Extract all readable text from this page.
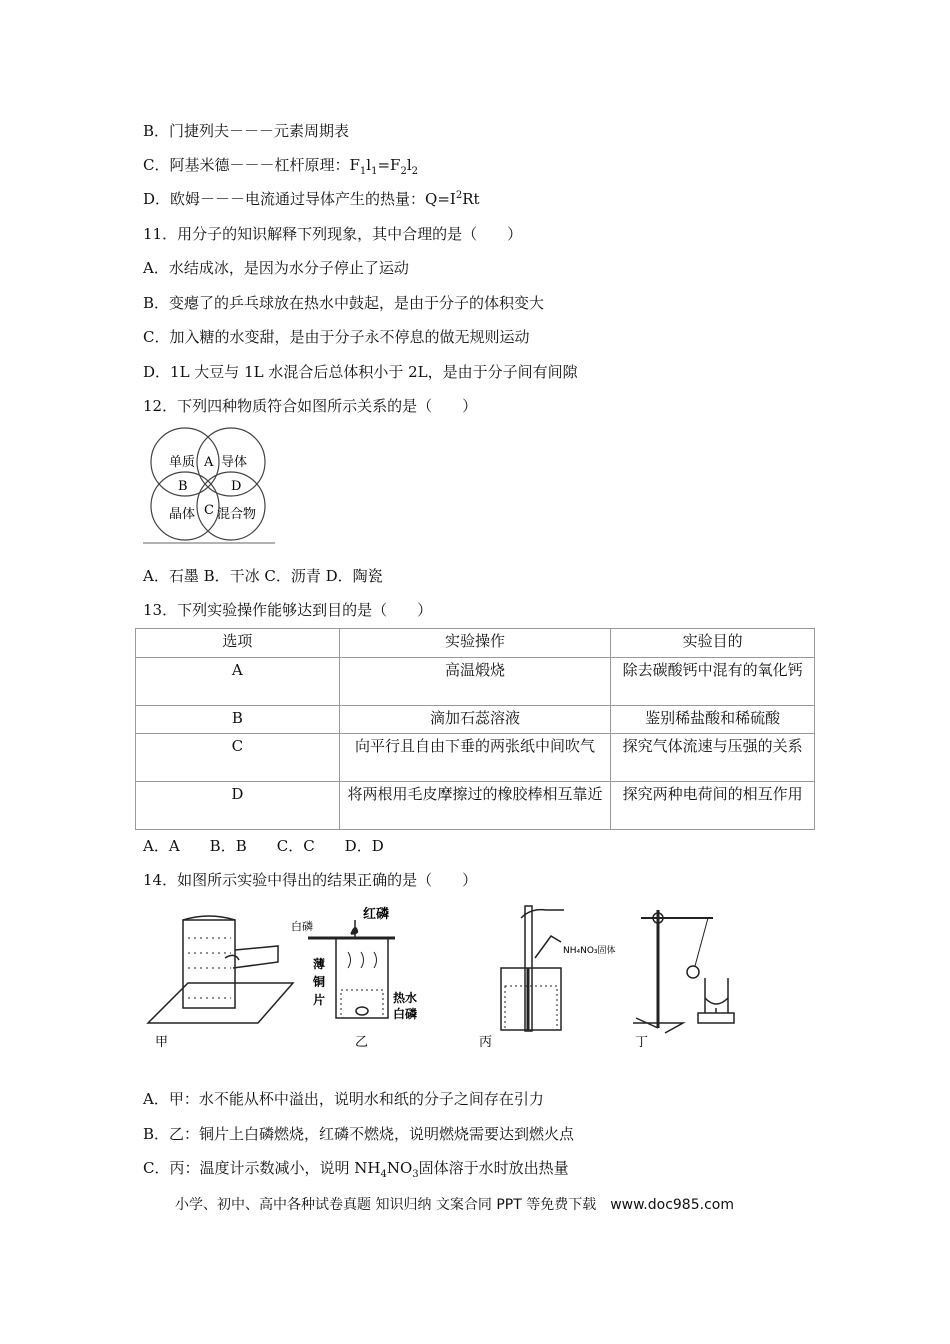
B．门捷列夫－－－元素周期表
C．阿基米德－－－杠杆原理：$F_1l_1=F_2l_2$
D．欧姆－－－电流通过导体产生的热量：$Q=I^2Rt$
11．用分子的知识解释下列现象，其中合理的是（　　）
A．水结成冰，是因为水分子停止了运动
B．变瘪了的乒乓球放在热水中鼓起，是由于分子的体积变大
C．加入糖的水变甜，是由于分子永不停息的做无规则运动
D．1L 大豆与 1L 水混合后总体积小于 2L，是由于分子间有间隙
12．下列四种物质符合如图所示关系的是（　　）
单质 导体
晶体 混合物
A
B	D
C
A．石墨 B．干冰 C．沥青 D．陶瓷
13．下列实验操作能够达到目的是（　　）
选项	实验操作	实验目的
A	高温煅烧	除去碳酸钙中混有的氧化钙
B	滴加石蕊溶液	鉴别稀盐酸和稀硫酸
C	向平行且自由下垂的两张纸中间吹气	探究气体流速与压强的关系
D	将两根用毛皮摩擦过的橡胶棒相互靠近	探究两种电荷间的相互作用
A．A　　B．B　　C．C　　D．D
14．如图所示实验中得出的结果正确的是（　　）
甲
白磷
红磷
薄
铜
片	热水
白磷
乙
NH₄NO₃固体
丙	丁
A．甲：水不能从杯中溢出，说明水和纸的分子之间存在引力
B．乙：铜片上白磷燃烧，红磷不燃烧，说明燃烧需要达到燃火点
C．丙：温度计示数减小，说明 $NH_4NO_3$固体溶于水时放出热量
小学、初中、高中各种试卷真题 知识归纳 文案合同 PPT 等免费下载　www.doc985.com
